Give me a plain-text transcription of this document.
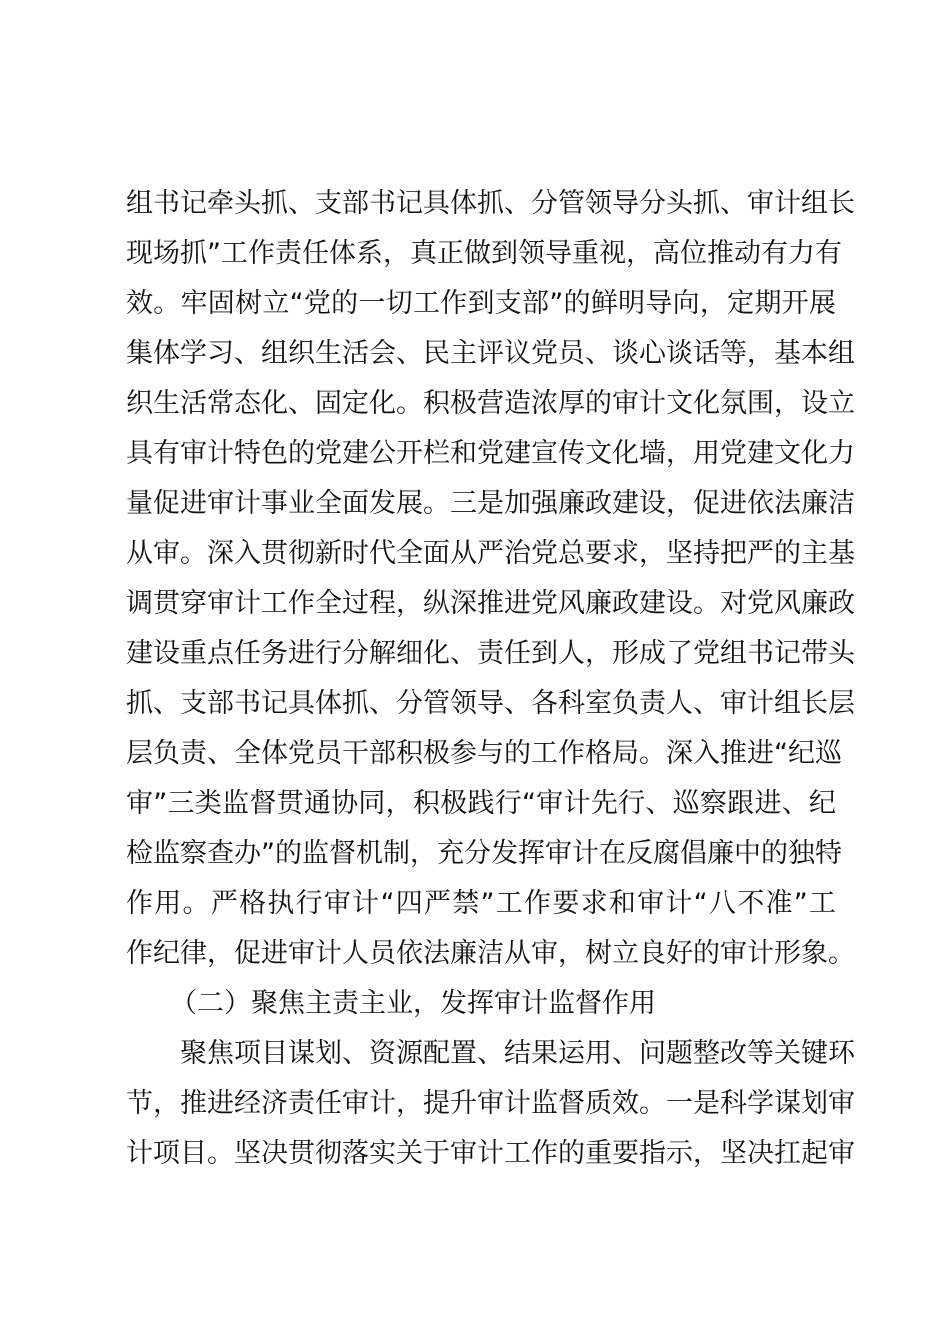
组书记牵头抓、支部书记具体抓、分管领导分头抓、审计组长
现场抓”工作责任体系，真正做到领导重视，高位推动有力有
效。牢固树立“党的一切工作到支部”的鲜明导向，定期开展
集体学习、组织生活会、民主评议党员、谈心谈话等，基本组
织生活常态化、固定化。积极营造浓厚的审计文化氛围，设立
具有审计特色的党建公开栏和党建宣传文化墙，用党建文化力
量促进审计事业全面发展。三是加强廉政建设，促进依法廉洁
从审。深入贯彻新时代全面从严治党总要求，坚持把严的主基
调贯穿审计工作全过程，纵深推进党风廉政建设。对党风廉政
建设重点任务进行分解细化、责任到人，形成了党组书记带头
抓、支部书记具体抓、分管领导、各科室负责人、审计组长层
层负责、全体党员干部积极参与的工作格局。深入推进“纪巡
审”三类监督贯通协同，积极践行“审计先行、巡察跟进、纪
检监察查办”的监督机制，充分发挥审计在反腐倡廉中的独特
作用。严格执行审计“四严禁”工作要求和审计“八不准”工
作纪律，促进审计人员依法廉洁从审，树立良好的审计形象。
（二）聚焦主责主业，发挥审计监督作用
聚焦项目谋划、资源配置、结果运用、问题整改等关键环
节，推进经济责任审计，提升审计监督质效。一是科学谋划审
计项目。坚决贯彻落实关于审计工作的重要指示，坚决扛起审
